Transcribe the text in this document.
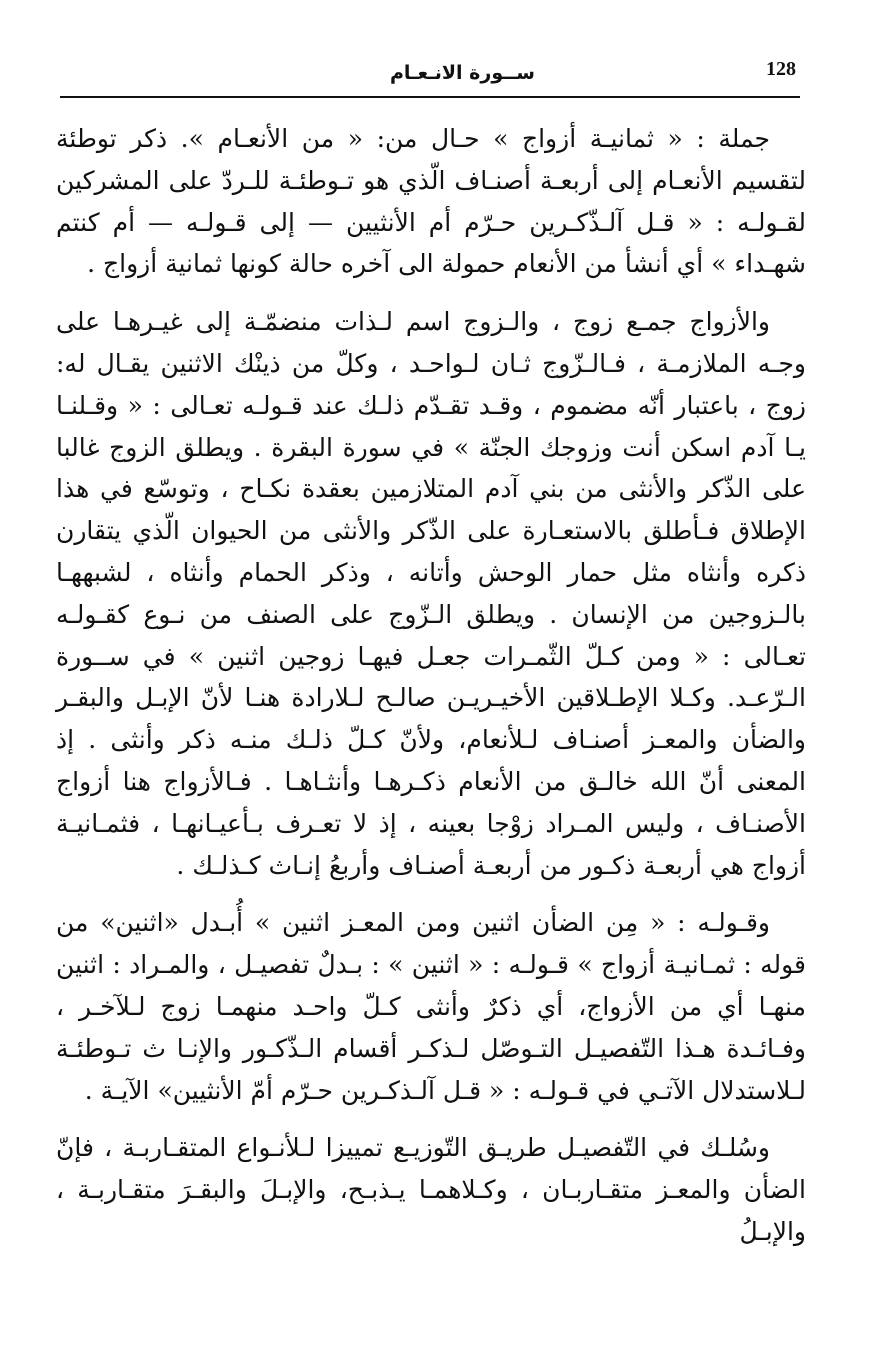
128
ســورة الانـعـام

جملة : « ثمانيـة أزواج » حـال من: « من الأنعـام ». ذكر توطئة لتقسيم الأنعـام إلى أربعـة أصنـاف الّذي هو تـوطئـة للـردّ على المشركين لقـولـه : « قـل آلـذّكـرين حـرّم أم الأنثيين — إلى قـولـه — أم كنتم شهـداء » أي أنشأ من الأنعام حمولة الى آخره حالة كونها ثمانية أزواج .

والأزواج جمـع زوج ، والـزوج اسم لـذات منضمّـة إلى غيـرهـا على وجـه الملازمـة ، فـالـزّوج ثـان لـواحـد ، وكلّ من ذينْك الاثنين يقـال له: زوج ، باعتبار أنّه مضموم ، وقـد تقـدّم ذلـك عند قـولـه تعـالى : « وقـلنـا يـا آدم اسكن أنت وزوجك الجنّة » في سورة البقرة . ويطلق الزوج غالبا على الذّكر والأنثى من بني آدم المتلازمين بعقدة نكـاح ، وتوسّع في هذا الإطلاق فـأطلق بالاستعـارة على الذّكر والأنثى من الحيوان الّذي يتقارن ذكره وأنثاه مثل حمار الوحش وأتانه ، وذكر الحمام وأنثاه ، لشبههـا بالـزوجين من الإنسان . ويطلق الـزّوج على الصنف من نـوع كقـولـه تعـالى : « ومن كـلّ الثّمـرات جعـل فيهـا زوجين اثنين » في ســورة الـرّعـد. وكـلا الإطـلاقين الأخيـريـن صالـح لـلارادة هنـا لأنّ الإبـل والبقـر والضأن والمعـز أصنـاف لـلأنعام، ولأنّ كـلّ ذلـك منـه ذكر وأنثى . إذ المعنى أنّ الله خالـق من الأنعام ذكـرهـا وأنثـاهـا . فـالأزواج هنا أزواج الأصنـاف ، وليس المـراد زوْجا بعينه ، إذ لا تعـرف بـأعيـانهـا ، فثمـانيـة أزواج هي أربعـة ذكـور من أربعـة أصنـاف وأربعُ إنـاث كـذلـك .

وقـولـه : « مِن الضأن اثنين ومن المعـز اثنين » أُبـدل «اثنين» من قوله : ثمـانيـة أزواج » قـولـه : « اثنين » : بـدلٌ تفصيـل ، والمـراد : اثنين منهـا أي من الأزواج، أي ذكرٌ وأنثى كـلّ واحـد منهمـا زوج لـلآخـر ، وفـائـدة هـذا التّفصيـل التـوصّل لـذكـر أقسام الـذّكـور والإنـا ث تـوطئـة لـلاستدلال الآتـي في قـولـه : « قـل آلـذكـرين حـرّم أمّ الأنثيين» الآيـة .

وسُلـك في التّفصيـل طريـق التّوزيـع تمييزا لـلأنـواع المتقـاربـة ، فإنّ الضأن والمعـز متقـاربـان ، وكـلاهمـا يـذبـح، والإبـلَ والبقـرَ متقـاربـة ، والإبـلُ
